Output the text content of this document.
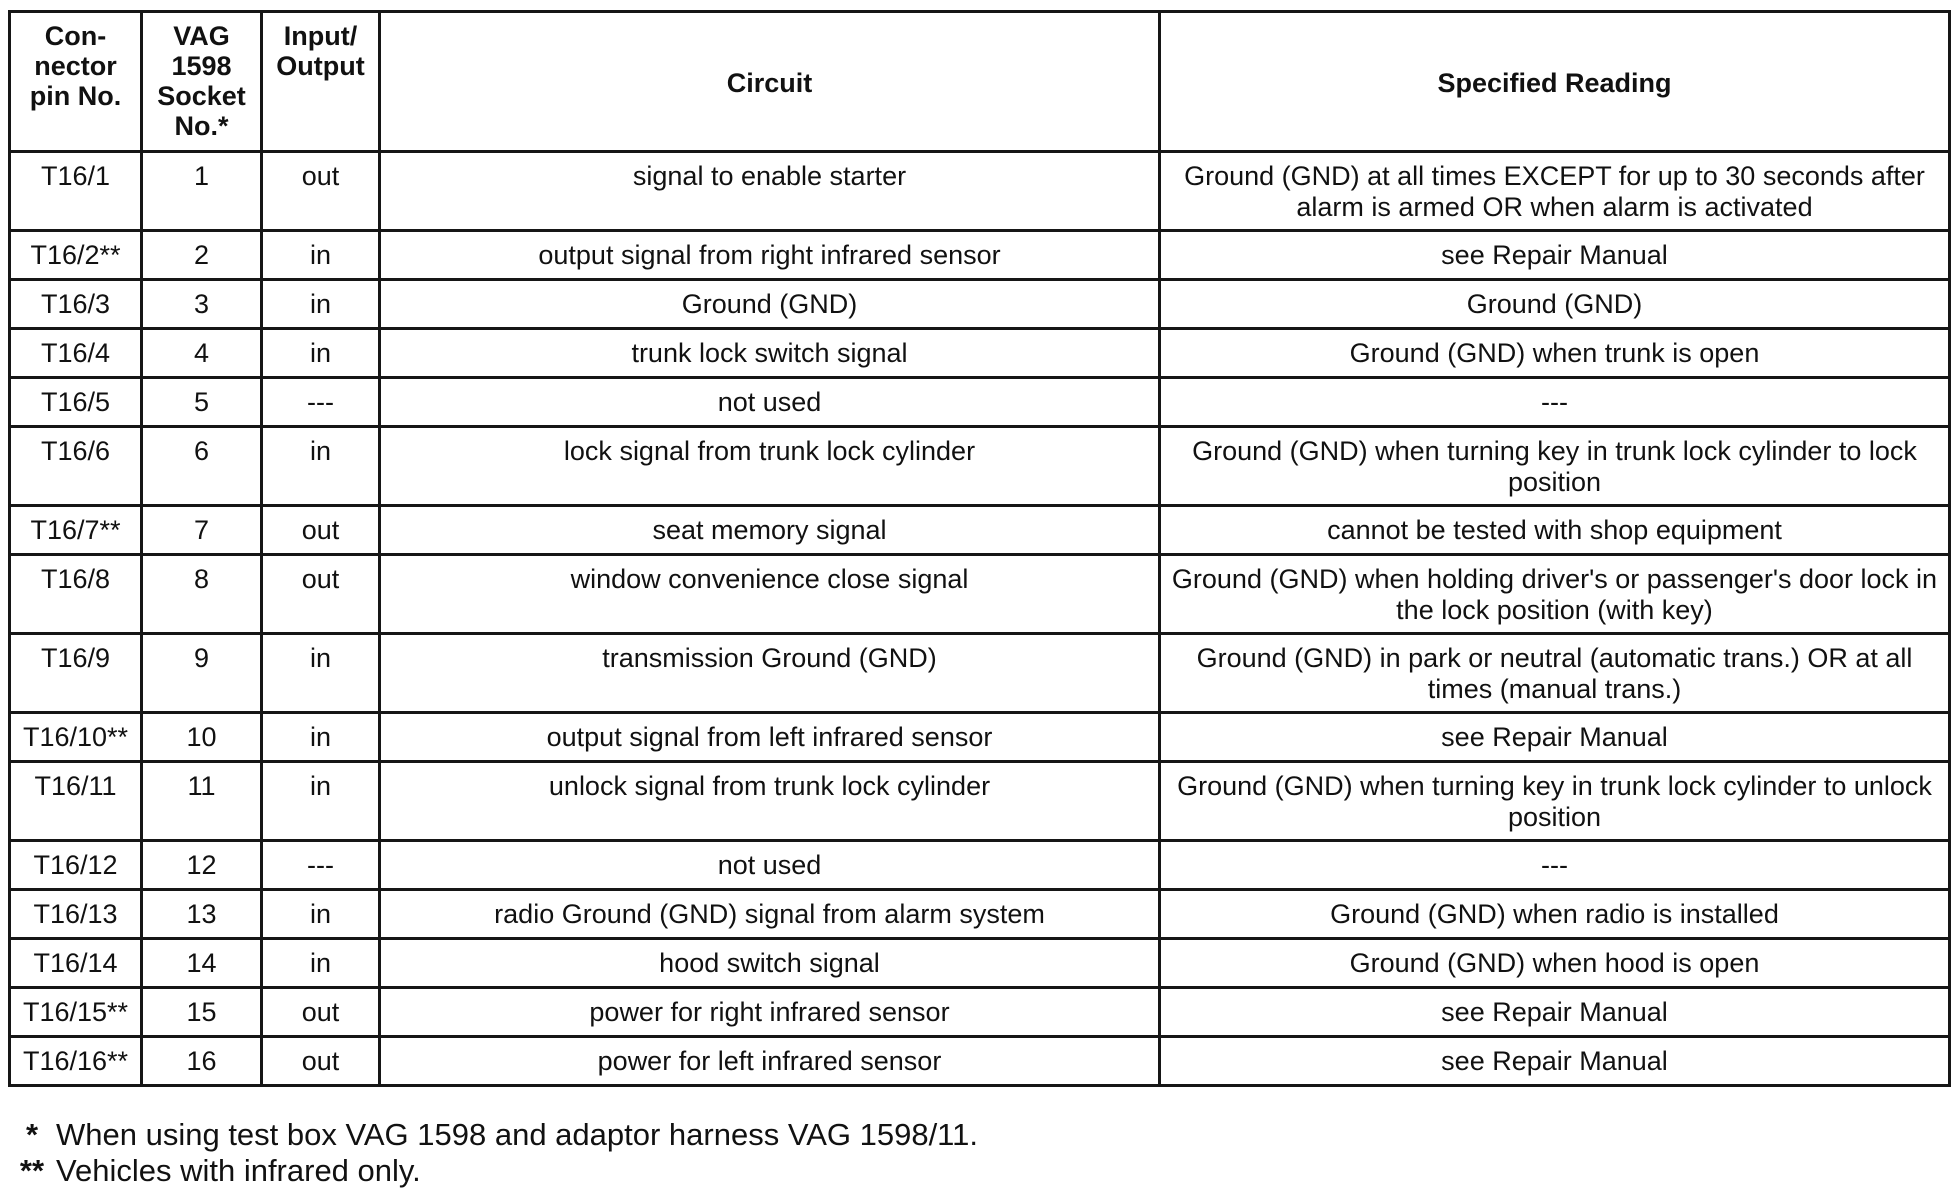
Con-
nector
pin No.	VAG
1598
Socket
No.*	Input/
Output	Circuit	Specified Reading
T16/1	1	out	signal to enable starter	Ground (GND) at all times EXCEPT for up to 30 seconds after alarm is armed OR when alarm is activated
T16/2**	2	in	output signal from right infrared sensor	see Repair Manual
T16/3	3	in	Ground (GND)	Ground (GND)
T16/4	4	in	trunk lock switch signal	Ground (GND) when trunk is open
T16/5	5	---	not used	---
T16/6	6	in	lock signal from trunk lock cylinder	Ground (GND) when turning key in trunk lock cylinder to lock position
T16/7**	7	out	seat memory signal	cannot be tested with shop equipment
T16/8	8	out	window convenience close signal	Ground (GND) when holding driver's or passenger's door lock in the lock position (with key)
T16/9	9	in	transmission Ground (GND)	Ground (GND) in park or neutral (automatic trans.) OR at all times (manual trans.)
T16/10**	10	in	output signal from left infrared sensor	see Repair Manual
T16/11	11	in	unlock signal from trunk lock cylinder	Ground (GND) when turning key in trunk lock cylinder to unlock position
T16/12	12	---	not used	---
T16/13	13	in	radio Ground (GND) signal from alarm system	Ground (GND) when radio is installed
T16/14	14	in	hood switch signal	Ground (GND) when hood is open
T16/15**	15	out	power for right infrared sensor	see Repair Manual
T16/16**	16	out	power for left infrared sensor	see Repair Manual
* When using test box VAG 1598 and adaptor harness VAG 1598/11.
** Vehicles with infrared only.
